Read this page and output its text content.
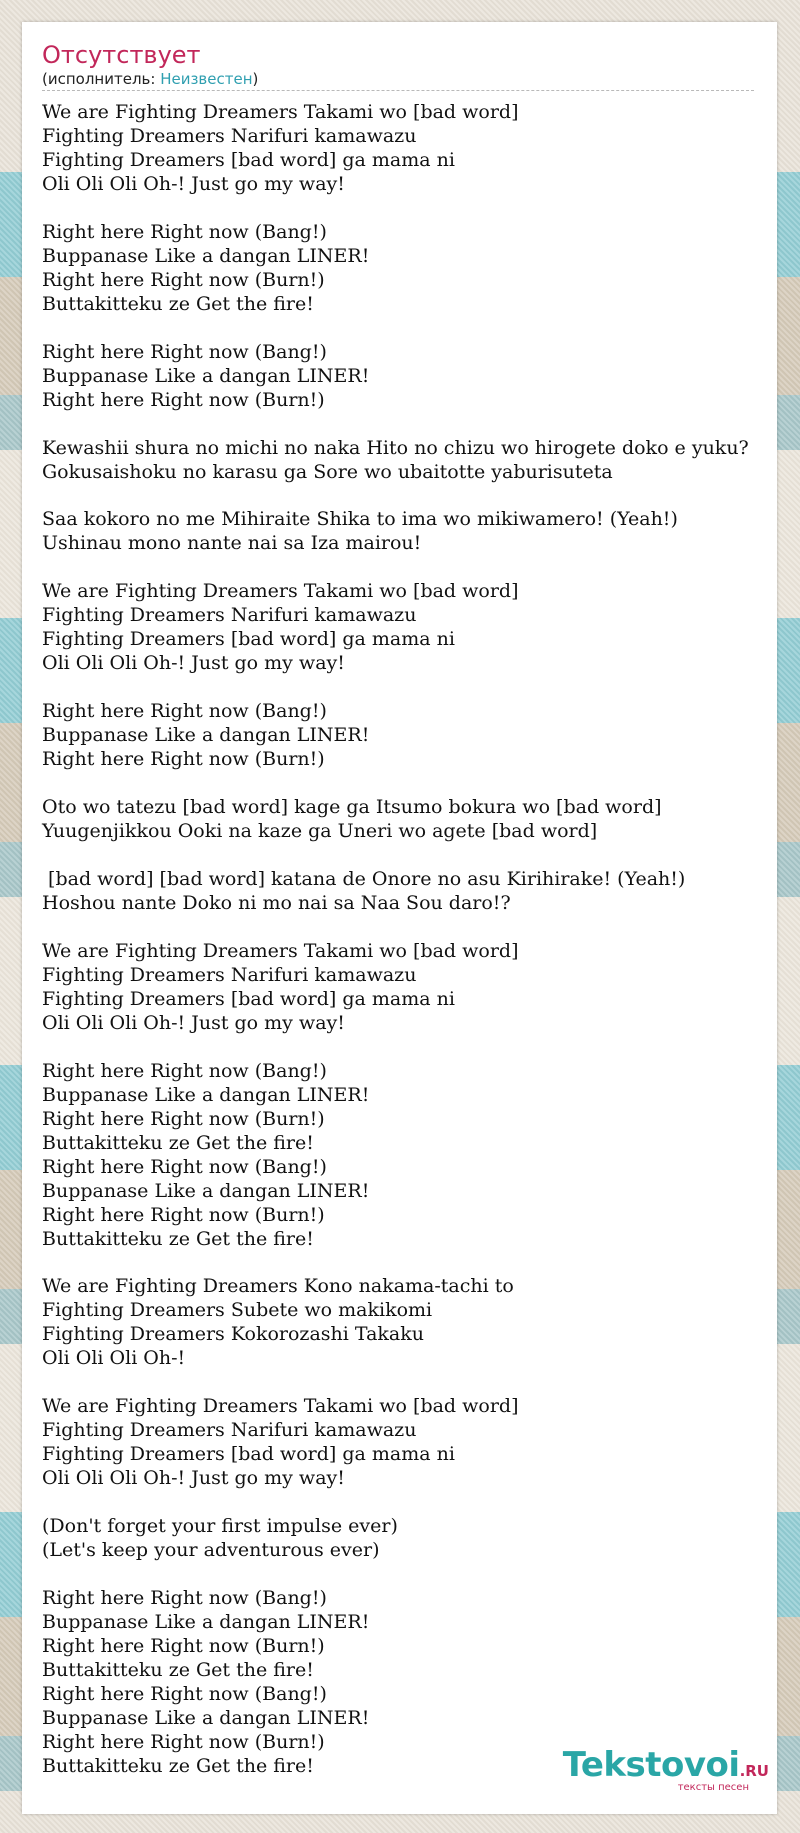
Отсутствует
(исполнитель: Неизвестен)
We are Fighting Dreamers Takami wo [bad word]
Fighting Dreamers Narifuri kamawazu
Fighting Dreamers [bad word] ga mama ni
Oli Oli Oli Oh-! Just go my way!
Right here Right now (Bang!)
Buppanase Like a dangan LINER!
Right here Right now (Burn!)
Buttakitteku ze Get the fire!
Right here Right now (Bang!)
Buppanase Like a dangan LINER!
Right here Right now (Burn!)
Kewashii shura no michi no naka Hito no chizu wo hirogete doko e yuku?
Gokusaishoku no karasu ga Sore wo ubaitotte yaburisuteta
Saa kokoro no me Mihiraite Shika to ima wo mikiwamero! (Yeah!)
Ushinau mono nante nai sa Iza mairou!
We are Fighting Dreamers Takami wo [bad word]
Fighting Dreamers Narifuri kamawazu
Fighting Dreamers [bad word] ga mama ni
Oli Oli Oli Oh-! Just go my way!
Right here Right now (Bang!)
Buppanase Like a dangan LINER!
Right here Right now (Burn!)
Oto wo tatezu [bad word] kage ga Itsumo bokura wo [bad word]
Yuugenjikkou Ooki na kaze ga Uneri wo agete [bad word]
[bad word] [bad word] katana de Onore no asu Kirihirake! (Yeah!)
Hoshou nante Doko ni mo nai sa Naa Sou daro!?
We are Fighting Dreamers Takami wo [bad word]
Fighting Dreamers Narifuri kamawazu
Fighting Dreamers [bad word] ga mama ni
Oli Oli Oli Oh-! Just go my way!
Right here Right now (Bang!)
Buppanase Like a dangan LINER!
Right here Right now (Burn!)
Buttakitteku ze Get the fire!
Right here Right now (Bang!)
Buppanase Like a dangan LINER!
Right here Right now (Burn!)
Buttakitteku ze Get the fire!
We are Fighting Dreamers Kono nakama-tachi to
Fighting Dreamers Subete wo makikomi
Fighting Dreamers Kokorozashi Takaku
Oli Oli Oli Oh-!
We are Fighting Dreamers Takami wo [bad word]
Fighting Dreamers Narifuri kamawazu
Fighting Dreamers [bad word] ga mama ni
Oli Oli Oli Oh-! Just go my way!
(Don't forget your first impulse ever)
(Let's keep your adventurous ever)
Right here Right now (Bang!)
Buppanase Like a dangan LINER!
Right here Right now (Burn!)
Buttakitteku ze Get the fire!
Right here Right now (Bang!)
Buppanase Like a dangan LINER!
Right here Right now (Burn!)
Buttakitteku ze Get the fire!	Tekstovoi.RU
тексты песен
